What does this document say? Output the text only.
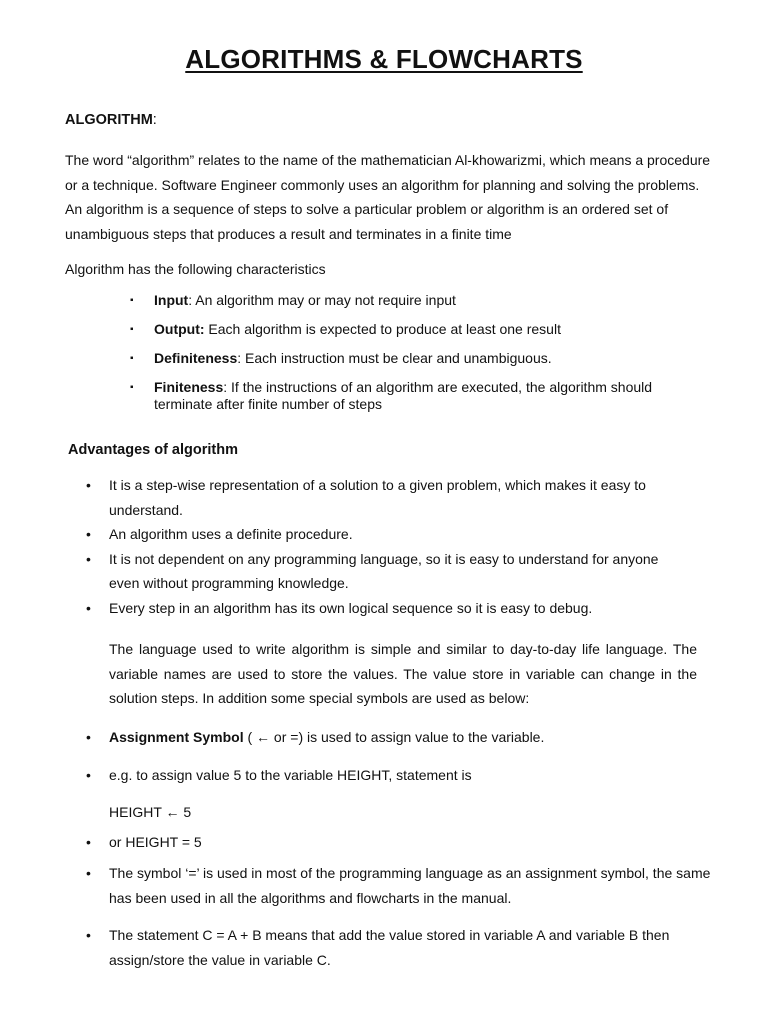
ALGORITHMS & FLOWCHARTS
ALGORITHM:
The word “algorithm” relates to the name of the mathematician Al-khowarizmi, which means a procedure or a technique. Software Engineer commonly uses an algorithm for planning and solving the problems. An algorithm is a sequence of steps to solve a particular problem or algorithm is an ordered set of unambiguous steps that produces a result and terminates in a finite time
Algorithm has the following characteristics
▪ Input: An algorithm may or may not require input
▪ Output: Each algorithm is expected to produce at least one result
▪ Definiteness: Each instruction must be clear and unambiguous.
▪ Finiteness: If the instructions of an algorithm are executed, the algorithm should terminate after finite number of steps
Advantages of algorithm
• It is a step-wise representation of a solution to a given problem, which makes it easy to understand.
• An algorithm uses a definite procedure.
• It is not dependent on any programming language, so it is easy to understand for anyone even without programming knowledge.
• Every step in an algorithm has its own logical sequence so it is easy to debug.
The language used to write algorithm is simple and similar to day-to-day life language. The variable names are used to store the values. The value store in variable can change in the solution steps. In addition some special symbols are used as below:
• Assignment Symbol ( ← or =) is used to assign value to the variable.
• e.g. to assign value 5 to the variable HEIGHT, statement is
HEIGHT ← 5
• or HEIGHT = 5
• The symbol ‘=’ is used in most of the programming language as an assignment symbol, the same has been used in all the algorithms and flowcharts in the manual.
• The statement C = A + B means that add the value stored in variable A and variable B then assign/store the value in variable C.
